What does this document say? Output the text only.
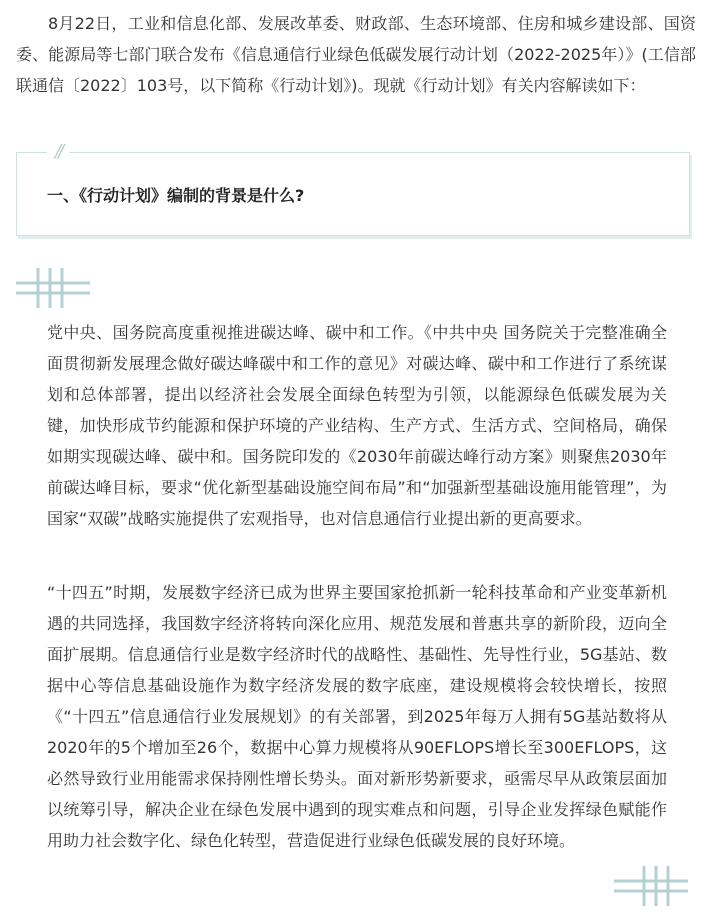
8月22日，工业和信息化部、发展改革委、财政部、生态环境部、住房和城乡建设部、国资委、能源局等七部门联合发布《信息通信行业绿色低碳发展行动计划（2022-2025年）》(工信部联通信〔2022〕103号，以下简称《行动计划》)。现就《行动计划》有关内容解读如下：

//
一、《行动计划》编制的背景是什么?

党中央、国务院高度重视推进碳达峰、碳中和工作。《中共中央 国务院关于完整准确全面贯彻新发展理念做好碳达峰碳中和工作的意见》对碳达峰、碳中和工作进行了系统谋划和总体部署，提出以经济社会发展全面绿色转型为引领，以能源绿色低碳发展为关键，加快形成节约能源和保护环境的产业结构、生产方式、生活方式、空间格局，确保如期实现碳达峰、碳中和。国务院印发的《2030年前碳达峰行动方案》则聚焦2030年前碳达峰目标，要求“优化新型基础设施空间布局”和“加强新型基础设施用能管理”，为国家“双碳”战略实施提供了宏观指导，也对信息通信行业提出新的更高要求。

“十四五”时期，发展数字经济已成为世界主要国家抢抓新一轮科技革命和产业变革新机遇的共同选择，我国数字经济将转向深化应用、规范发展和普惠共享的新阶段，迈向全面扩展期。信息通信行业是数字经济时代的战略性、基础性、先导性行业，5G基站、数据中心等信息基础设施作为数字经济发展的数字底座，建设规模将会较快增长，按照《“十四五”信息通信行业发展规划》的有关部署，到2025年每万人拥有5G基站数将从2020年的5个增加至26个，数据中心算力规模将从90EFLOPS增长至300EFLOPS，这必然导致行业用能需求保持刚性增长势头。面对新形势新要求，亟需尽早从政策层面加以统筹引导，解决企业在绿色发展中遇到的现实难点和问题，引导企业发挥绿色赋能作用助力社会数字化、绿色化转型，营造促进行业绿色低碳发展的良好环境。
